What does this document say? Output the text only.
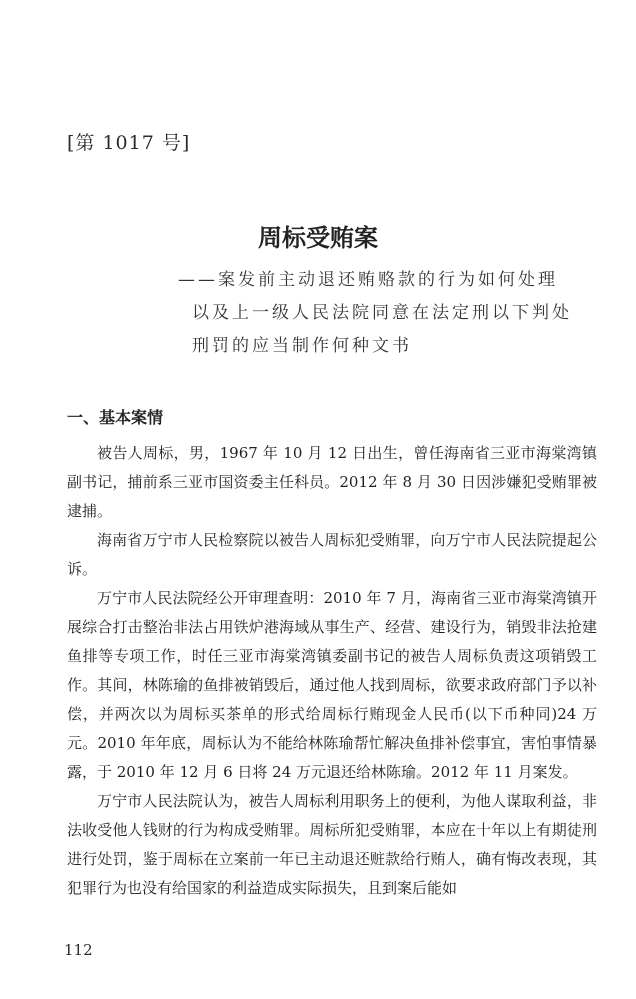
[第 1017 号]
周标受贿案
——案发前主动退还贿赂款的行为如何处理
以及上一级人民法院同意在法定刑以下判处
刑罚的应当制作何种文书
一、基本案情

被告人周标，男，1967 年 10 月 12 日出生，曾任海南省三亚市海棠湾镇副书记，捕前系三亚市国资委主任科员。2012 年 8 月 30 日因涉嫌犯受贿罪被逮捕。

海南省万宁市人民检察院以被告人周标犯受贿罪，向万宁市人民法院提起公诉。

万宁市人民法院经公开审理查明：2010 年 7 月，海南省三亚市海棠湾镇开展综合打击整治非法占用铁炉港海域从事生产、经营、建设行为，销毁非法抢建鱼排等专项工作，时任三亚市海棠湾镇委副书记的被告人周标负责这项销毁工作。其间，林陈瑜的鱼排被销毁后，通过他人找到周标，欲要求政府部门予以补偿，并两次以为周标买茶单的形式给周标行贿现金人民币(以下币种同)24 万元。2010 年年底，周标认为不能给林陈瑜帮忙解决鱼排补偿事宜，害怕事情暴露，于 2010 年 12 月 6 日将 24 万元退还给林陈瑜。2012 年 11 月案发。

万宁市人民法院认为，被告人周标利用职务上的便利，为他人谋取利益，非法收受他人钱财的行为构成受贿罪。周标所犯受贿罪，本应在十年以上有期徒刑进行处罚，鉴于周标在立案前一年已主动退还赃款给行贿人，确有悔改表现，其犯罪行为也没有给国家的利益造成实际损失，且到案后能如

112
